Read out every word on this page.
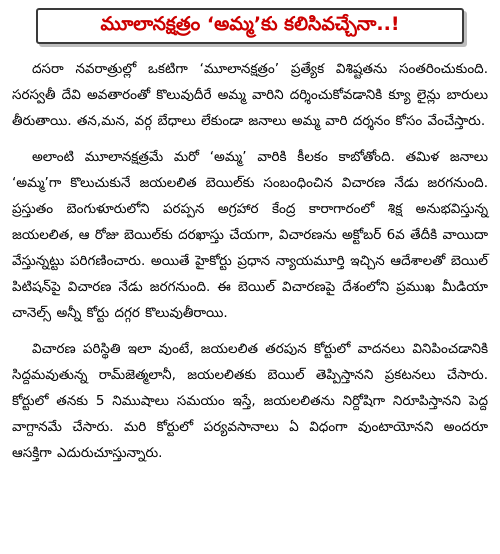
మూలానక్షత్రం ‘అమ్మ’కు కలిసివచ్చేనా..!

దసరా నవరాత్రుల్లో ఒకటిగా ‘మూలానక్షత్రం’ ప్రత్యేక విశిష్టతను సంతరించుకుంది. సరస్వతీ దేవి అవతారంతో కొలువుదీరే అమ్మ వారిని దర్శించుకోవడానికి క్యూ లైన్లు బారులు తీరుతాయి. తన,మన, వర్గ బేధాలు లేకుండా జనాలు అమ్మ వారి దర్శనం కోసం వేంచేస్తారు.

అలాంటి మూలానక్షత్రమే మరో ‘అమ్మ’ వారికి కీలకం కాబోతోంది. తమిళ జనాలు ‘అమ్మ’గా కొలుచుకునే జయలలిత బెయిల్‌కు సంబంధించిన విచారణ నేడు జరగనుంది. ప్రస్తుతం బెంగుళూరులోని పరప్పన అగ్రహార కేంద్ర కారాగారంలో శిక్ష అనుభవిస్తున్న జయలలిత, ఆ రోజు బెయిల్‌కు దరఖాస్తు చేయగా, విచారణను అక్టోబర్ 6వ తేదీకి వాయిదా వేస్తున్నట్టు పరిగణించారు. అయితే హైకోర్టు ప్రధాన న్యాయమూర్తి ఇచ్చిన ఆదేశాలతో బెయిల్ పిటిషన్‌పై విచారణ నేడు జరగనుంది. ఈ బెయిల్ విచారణపై దేశంలోని ప్రముఖ మీడియా చానెల్స్ అన్నీ కోర్టు దగ్గర కొలువుతీరాయి.

విచారణ పరిస్థితి ఇలా వుంటే, జయలలిత తరపున కోర్టులో వాదనలు వినిపించడానికి సిద్దమవుతున్న రామ్‌జెత్మలానీ, జయలలితకు బెయిల్ తెప్పిస్తానని ప్రకటనలు చేసారు. కోర్టులో తనకు 5 నిముషాలు సమయం ఇస్తే, జయలలితను నిర్దోషిగా నిరూపిస్తానని పెద్ద వాగ్దానమే చేసారు. మరి కోర్టులో పర్యవసానాలు ఏ విధంగా వుంటాయోనని అందరూ ఆసక్తిగా ఎదురుచూస్తున్నారు.
